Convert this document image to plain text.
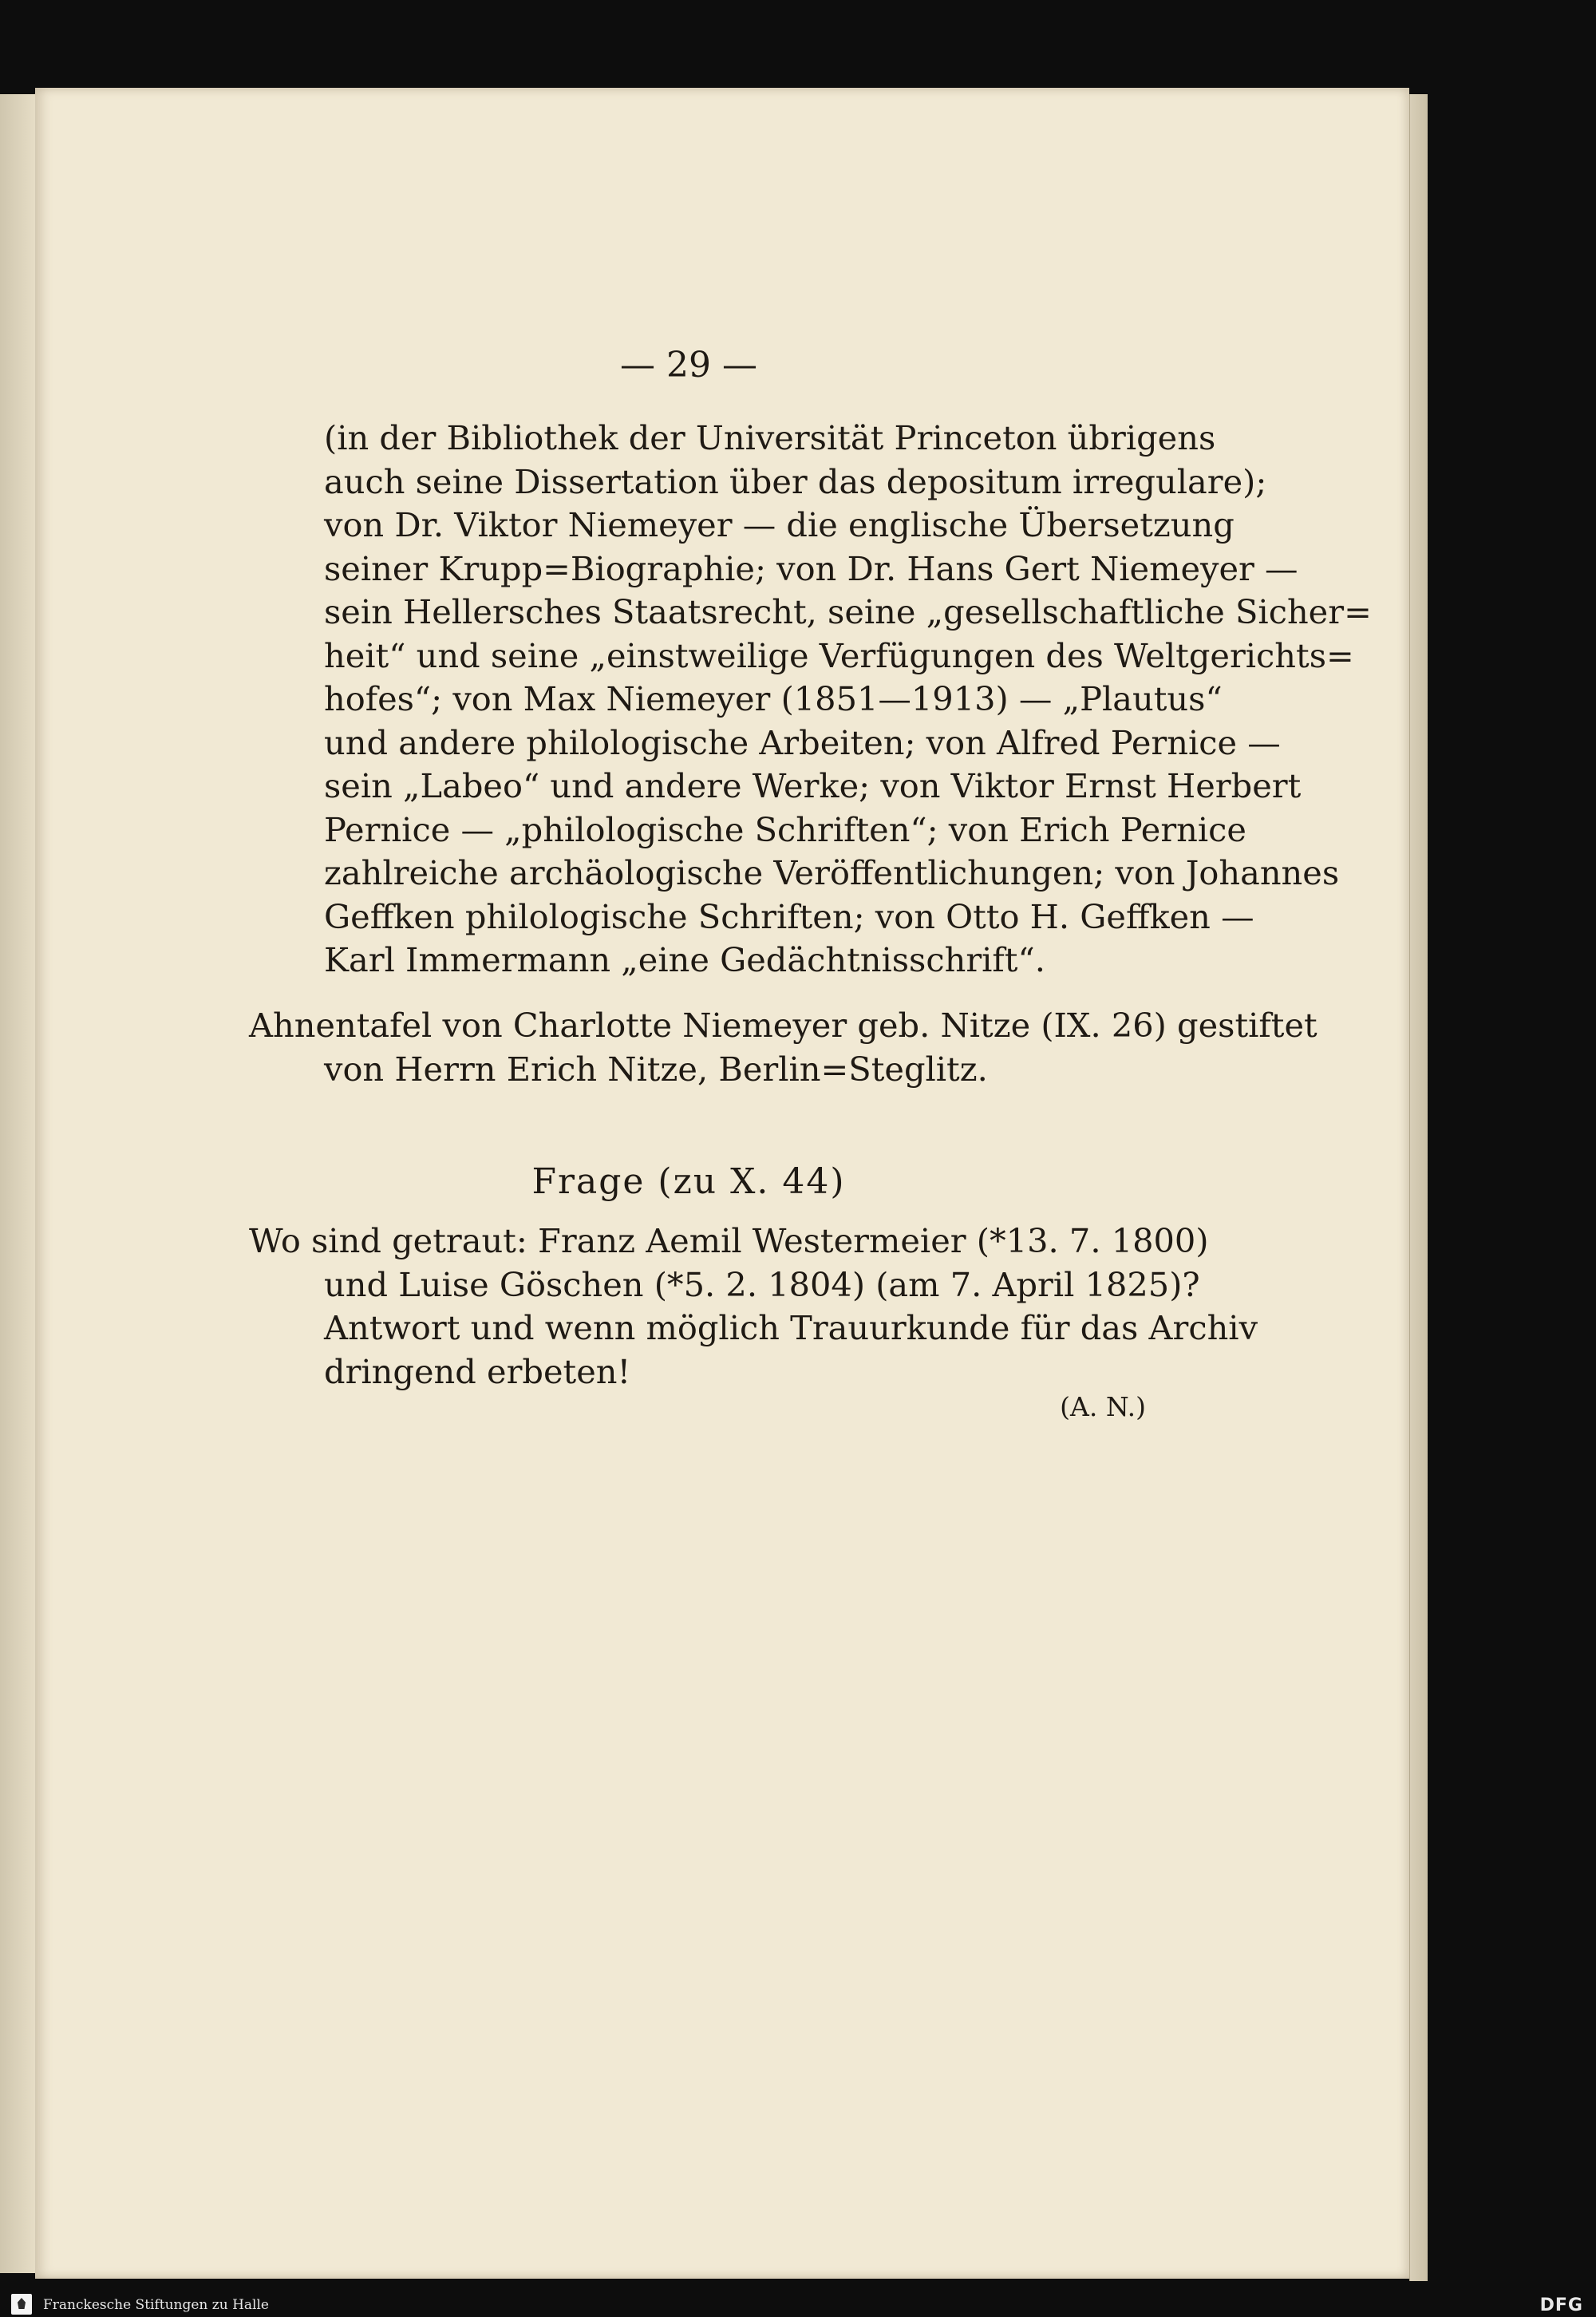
— 29 —
(in der Bibliothek der Universität Princeton übrigens
auch seine Dissertation über das depositum irregulare);
von Dr. Viktor Niemeyer — die englische Übersetzung
seiner Krupp=Biographie; von Dr. Hans Gert Niemeyer —
sein Hellersches Staatsrecht, seine „gesellschaftliche Sicher=
heit“ und seine „einstweilige Verfügungen des Weltgerichts=
hofes“; von Max Niemeyer (1851—1913) — „Plautus“
und andere philologische Arbeiten; von Alfred Pernice —
sein „Labeo“ und andere Werke; von Viktor Ernst Herbert
Pernice — „philologische Schriften“; von Erich Pernice
zahlreiche archäologische Veröffentlichungen; von Johannes
Geffken philologische Schriften; von Otto H. Geffken —
Karl Immermann „eine Gedächtnisschrift“.
Ahnentafel von Charlotte Niemeyer geb. Nitze (IX. 26) gestiftet
von Herrn Erich Nitze, Berlin=Steglitz.
Frage (zu X. 44)
Wo sind getraut: Franz Aemil Westermeier (*13. 7. 1800)
und Luise Göschen (*5. 2. 1804) (am 7. April 1825)?
Antwort und wenn möglich Trauurkunde für das Archiv
dringend erbeten!
(A. N.)
Franckesche Stiftungen zu Halle	DFG
